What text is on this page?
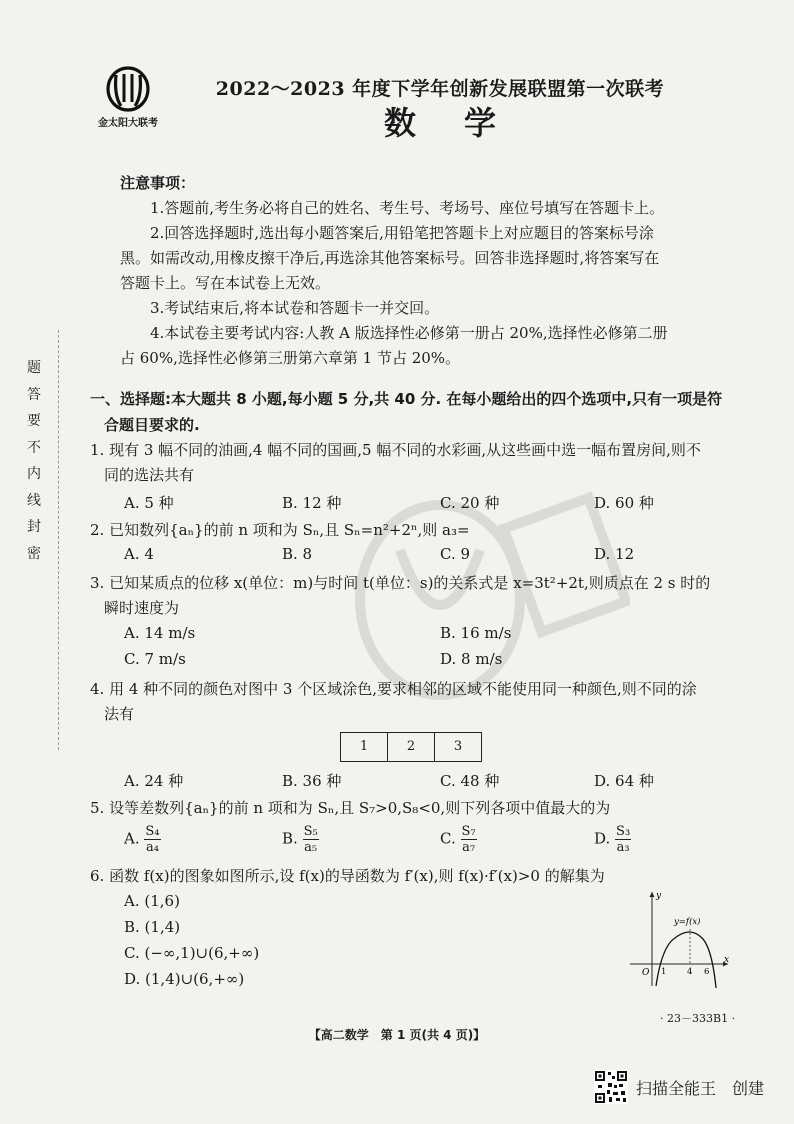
金太阳大联考
2022～2023 年度下学年创新发展联盟第一次联考
数学
注意事项：

1.答题前,考生务必将自己的姓名、考生号、考场号、座位号填写在答题卡上。

2.回答选择题时,选出每小题答案后,用铅笔把答题卡上对应题目的答案标号涂

黑。如需改动,用橡皮擦干净后,再选涂其他答案标号。回答非选择题时,将答案写在

答题卡上。写在本试卷上无效。

3.考试结束后,将本试卷和答题卡一并交回。

4.本试卷主要考试内容:人教 A 版选择性必修第一册占 20%,选择性必修第二册

占 60%,选择性必修第三册第六章第 1 节占 20%。

题
答
要
不
内
线
封
密
一、选择题:本大题共 8 小题,每小题 5 分,共 40 分. 在每小题给出的四个选项中,只有一项是符
合题目要求的.

1. 现有 3 幅不同的油画,4 幅不同的国画,5 幅不同的水彩画,从这些画中选一幅布置房间,则不

同的选法共有

A. 5 种	B. 12 种	C. 20 种	D. 60 种

2. 已知数列{aₙ}的前 n 项和为 Sₙ,且 Sₙ=n²+2ⁿ,则 a₃=

A. 4	B. 8	C. 9	D. 12

3. 已知某质点的位移 x(单位：m)与时间 t(单位：s)的关系式是 x=3t²+2t,则质点在 2 s 时的

瞬时速度为

A. 14 m/s	B. 16 m/s
C. 7 m/s	D. 8 m/s

4. 用 4 种不同的颜色对图中 3 个区域涂色,要求相邻的区域不能使用同一种颜色,则不同的涂

法有

1	2	3
A. 24 种	B. 36 种	C. 48 种	D. 64 种

5. 设等差数列{aₙ}的前 n 项和为 Sₙ,且 S₇>0,S₈<0,则下列各项中值最大的为

A. $\frac{\text{S₄}}{\text{a₄}}$	B. $\frac{\text{S₅}}{\text{a₅}}$	C. $\frac{\text{S₇}}{\text{a₇}}$	D. $\frac{\text{S₃}}{\text{a₃}}$

6. 函数 f(x)的图象如图所示,设 f(x)的导函数为 f′(x),则 f(x)·f′(x)>0 的解集为

A. (1,6)
B. (1,4)
C. (−∞,1)∪(6,+∞)
D. (1,4)∪(6,+∞)
y
x
O
y=f(x)
1 4 6
· 23－333B1 ·
【高二数学　第 1 页(共 4 页)】
扫描全能王　创建
